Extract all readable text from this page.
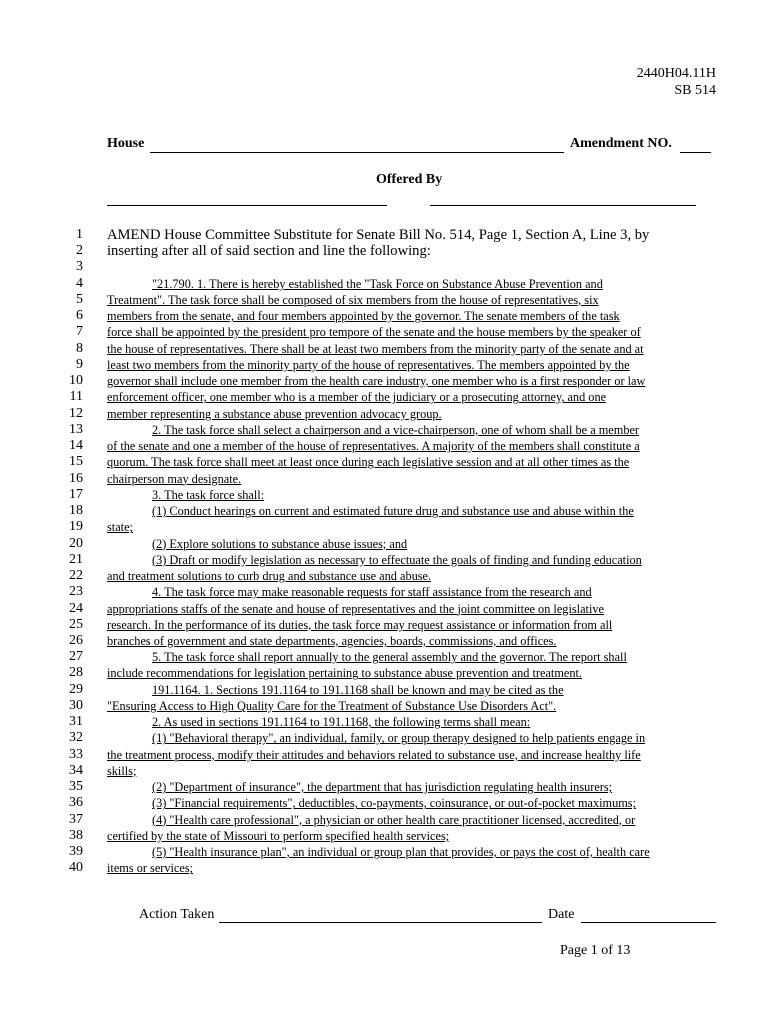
2440H04.11H
SB 514
House	Amendment NO.
Offered By
1 AMEND House Committee Substitute for Senate Bill No. 514, Page 1, Section A, Line 3, by
2 inserting after all of said section and line the following:
3
4	"21.790. 1. There is hereby established the "Task Force on Substance Abuse Prevention and
5 Treatment". The task force shall be composed of six members from the house of representatives, six
6 members from the senate, and four members appointed by the governor. The senate members of the task
7 force shall be appointed by the president pro tempore of the senate and the house members by the speaker of
8 the house of representatives. There shall be at least two members from the minority party of the senate and at
9 least two members from the minority party of the house of representatives. The members appointed by the
10 governor shall include one member from the health care industry, one member who is a first responder or law
11 enforcement officer, one member who is a member of the judiciary or a prosecuting attorney, and one
12 member representing a substance abuse prevention advocacy group.
13	2. The task force shall select a chairperson and a vice-chairperson, one of whom shall be a member
14 of the senate and one a member of the house of representatives. A majority of the members shall constitute a
15 quorum. The task force shall meet at least once during each legislative session and at all other times as the
16 chairperson may designate.
17	3. The task force shall:
18	(1) Conduct hearings on current and estimated future drug and substance use and abuse within the
19 state;
20	(2) Explore solutions to substance abuse issues; and
21	(3) Draft or modify legislation as necessary to effectuate the goals of finding and funding education
22 and treatment solutions to curb drug and substance use and abuse.
23	4. The task force may make reasonable requests for staff assistance from the research and
24 appropriations staffs of the senate and house of representatives and the joint committee on legislative
25 research. In the performance of its duties, the task force may request assistance or information from all
26 branches of government and state departments, agencies, boards, commissions, and offices.
27	5. The task force shall report annually to the general assembly and the governor. The report shall
28 include recommendations for legislation pertaining to substance abuse prevention and treatment.
29	191.1164. 1. Sections 191.1164 to 191.1168 shall be known and may be cited as the
30 "Ensuring Access to High Quality Care for the Treatment of Substance Use Disorders Act".
31	2. As used in sections 191.1164 to 191.1168, the following terms shall mean:
32	(1) "Behavioral therapy", an individual, family, or group therapy designed to help patients engage in
33 the treatment process, modify their attitudes and behaviors related to substance use, and increase healthy life
34 skills;
35	(2) "Department of insurance", the department that has jurisdiction regulating health insurers;
36	(3) "Financial requirements", deductibles, co-payments, coinsurance, or out-of-pocket maximums;
37	(4) "Health care professional", a physician or other health care practitioner licensed, accredited, or
38 certified by the state of Missouri to perform specified health services;
39	(5) "Health insurance plan", an individual or group plan that provides, or pays the cost of, health care
40 items or services;
Action Taken	Date
Page 1 of 13
